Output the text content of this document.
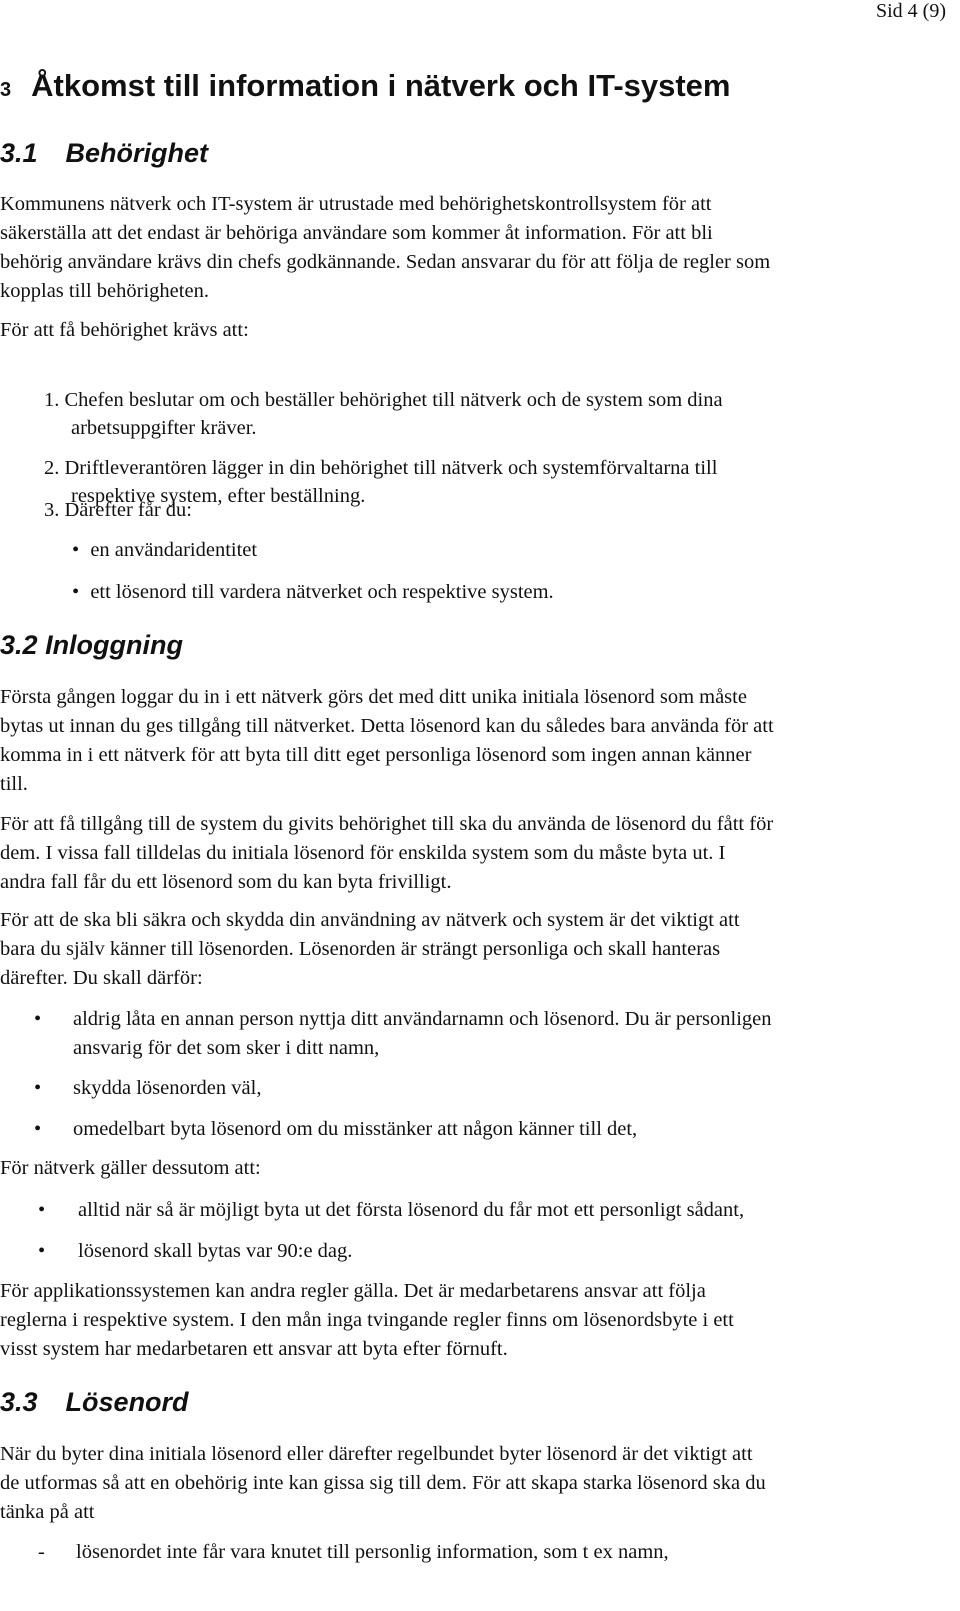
Sid 4 (9)
3 Åtkomst till information i nätverk och IT-system
3.1 Behörighet
Kommunens nätverk och IT-system är utrustade med behörighetskontrollsystem för att
säkerställa att det endast är behöriga användare som kommer åt information. För att bli
behörig användare krävs din chefs godkännande. Sedan ansvarar du för att följa de regler som
kopplas till behörigheten.
För att få behörighet krävs att:

1. Chefen beslutar om och beställer behörighet till nätverk och de system som dina
arbetsuppgifter kräver.

2. Driftleverantören lägger in din behörighet till nätverk och systemförvaltarna till
respektive system, efter beställning.

3. Därefter får du:
• en användaridentitet
• ett lösenord till vardera nätverket och respektive system.
3.2 Inloggning
Första gången loggar du in i ett nätverk görs det med ditt unika initiala lösenord som måste
bytas ut innan du ges tillgång till nätverket. Detta lösenord kan du således bara använda för att
komma in i ett nätverk för att byta till ditt eget personliga lösenord som ingen annan känner
till.
För att få tillgång till de system du givits behörighet till ska du använda de lösenord du fått för
dem. I vissa fall tilldelas du initiala lösenord för enskilda system som du måste byta ut. I
andra fall får du ett lösenord som du kan byta frivilligt.
För att de ska bli säkra och skydda din användning av nätverk och system är det viktigt att
bara du själv känner till lösenorden. Lösenorden är strängt personliga och skall hanteras
därefter. Du skall därför:
• aldrig låta en annan person nyttja ditt användarnamn och lösenord. Du är personligen
ansvarig för det som sker i ditt namn,
• skydda lösenorden väl,
• omedelbart byta lösenord om du misstänker att någon känner till det,
För nätverk gäller dessutom att:
• alltid när så är möjligt byta ut det första lösenord du får mot ett personligt sådant,
• lösenord skall bytas var 90:e dag.
För applikationssystemen kan andra regler gälla. Det är medarbetarens ansvar att följa
reglerna i respektive system. I den mån inga tvingande regler finns om lösenordsbyte i ett
visst system har medarbetaren ett ansvar att byta efter förnuft.
3.3 Lösenord
När du byter dina initiala lösenord eller därefter regelbundet byter lösenord är det viktigt att
de utformas så att en obehörig inte kan gissa sig till dem. För att skapa starka lösenord ska du
tänka på att
- lösenordet inte får vara knutet till personlig information, som t ex namn,
